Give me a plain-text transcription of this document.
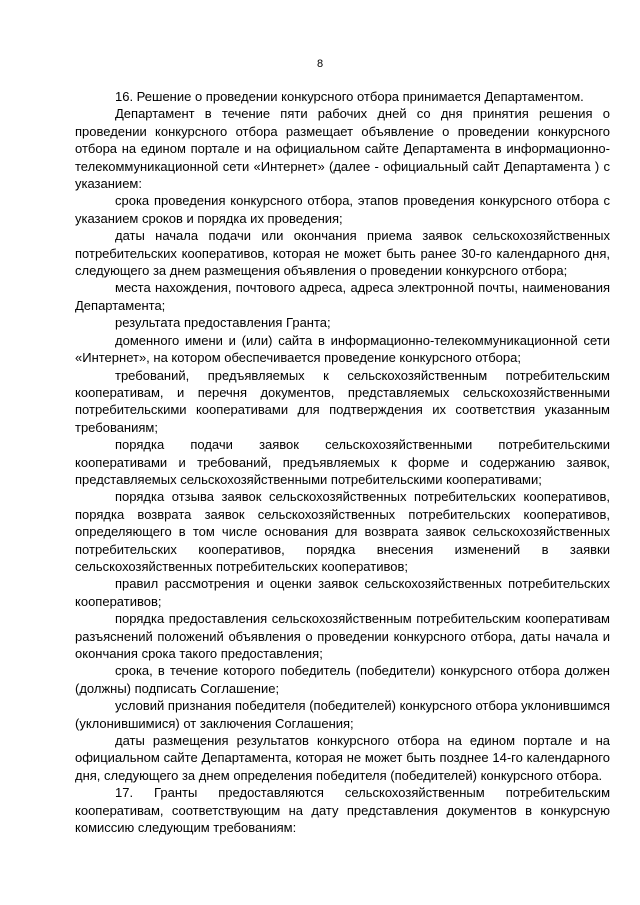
8

16. Решение о проведении конкурсного отбора принимается Департаментом.

Департамент в течение пяти рабочих дней со дня принятия решения о проведении конкурсного отбора размещает объявление о проведении конкурсного отбора на едином портале и на официальном сайте Департамента в информационно-телекоммуникационной сети «Интернет» (далее - официальный сайт Департамента ) с указанием:

срока проведения конкурсного отбора, этапов проведения конкурсного отбора с указанием сроков и порядка их проведения;

даты начала подачи или окончания приема заявок сельскохозяйственных потребительских кооперативов, которая не может быть ранее 30-го календарного дня, следующего за днем размещения объявления о проведении конкурсного отбора;

места нахождения, почтового адреса, адреса электронной почты, наименования Департамента;

результата предоставления Гранта;

доменного имени и (или) сайта в информационно-телекоммуникационной сети «Интернет», на котором обеспечивается проведение конкурсного отбора;

требований, предъявляемых к сельскохозяйственным потребительским кооперативам, и перечня документов, представляемых сельскохозяйственными потребительскими кооперативами для подтверждения их соответствия указанным требованиям;

порядка подачи заявок сельскохозяйственными потребительскими кооперативами и требований, предъявляемых к форме и содержанию заявок, представляемых сельскохозяйственными потребительскими кооперативами;

порядка отзыва заявок сельскохозяйственных потребительских кооперативов, порядка возврата заявок сельскохозяйственных потребительских кооперативов, определяющего в том числе основания для возврата заявок сельскохозяйственных потребительских кооперативов, порядка внесения изменений в заявки сельскохозяйственных потребительских кооперативов;

правил рассмотрения и оценки заявок сельскохозяйственных потребительских кооперативов;

порядка предоставления сельскохозяйственным потребительским кооперативам разъяснений положений объявления о проведении конкурсного отбора, даты начала и окончания срока такого предоставления;

срока, в течение которого победитель (победители) конкурсного отбора должен (должны) подписать Соглашение;

условий признания победителя (победителей) конкурсного отбора уклонившимся (уклонившимися) от заключения Соглашения;

даты размещения результатов конкурсного отбора на едином портале и на официальном сайте Департамента, которая не может быть позднее 14-го календарного дня, следующего за днем определения победителя (победителей) конкурсного отбора.

17. Гранты предоставляются сельскохозяйственным потребительским кооперативам, соответствующим на дату представления документов в конкурсную комиссию следующим требованиям:
